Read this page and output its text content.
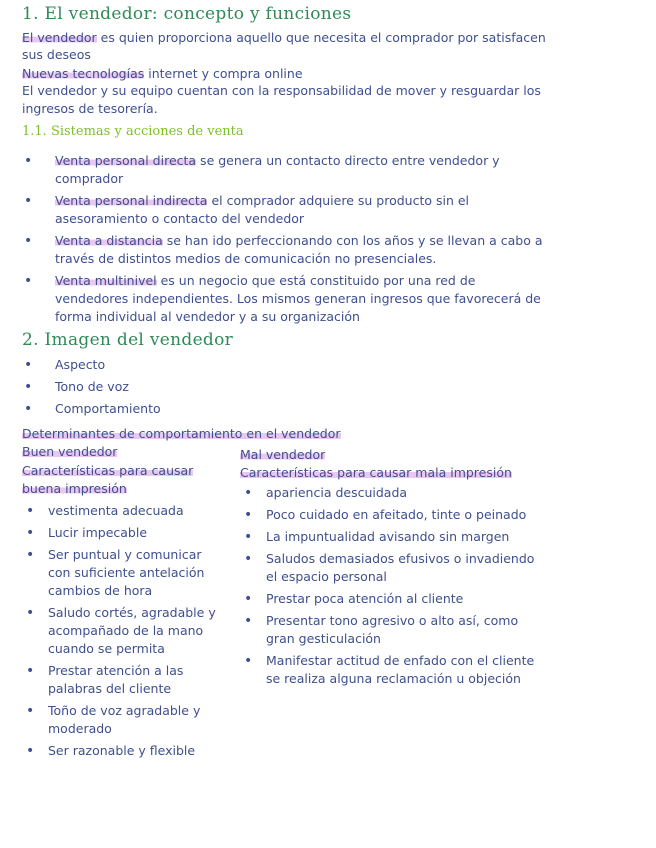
1. El vendedor: concepto y funciones
El vendedor es quien proporciona aquello que necesita el comprador por satisfacen
sus deseos
Nuevas tecnologías internet y compra online
El vendedor y su equipo cuentan con la responsabilidad de mover y resguardar los
ingresos de tesorería.
1.1. Sistemas y acciones de venta
• Venta personal directa se genera un contacto directo entre vendedor y
comprador
• Venta personal indirecta el comprador adquiere su producto sin el
asesoramiento o contacto del vendedor
• Venta a distancia se han ido perfeccionando con los años y se llevan a cabo a
través de distintos medios de comunicación no presenciales.
• Venta multinivel es un negocio que está constituido por una red de
vendedores independientes. Los mismos generan ingresos que favorecerá de
forma individual al vendedor y a su organización
2. Imagen del vendedor
• Aspecto
• Tono de voz
• Comportamiento
Determinantes de comportamiento en el vendedor
Buen vendedor
Características para causar
buena impresión
• vestimenta adecuada
• Lucir impecable
• Ser puntual y comunicar
con suficiente antelación
cambios de hora
• Saludo cortés, agradable y
acompañado de la mano
cuando se permita
• Prestar atención a las
palabras del cliente
• Toño de voz agradable y
moderado
• Ser razonable y flexible
Mal vendedor
Características para causar mala impresión
• apariencia descuidada
• Poco cuidado en afeitado, tinte o peinado
• La impuntualidad avisando sin margen
• Saludos demasiados efusivos o invadiendo
el espacio personal
• Prestar poca atención al cliente
• Presentar tono agresivo o alto así, como
gran gesticulación
• Manifestar actitud de enfado con el cliente
se realiza alguna reclamación u objeción
